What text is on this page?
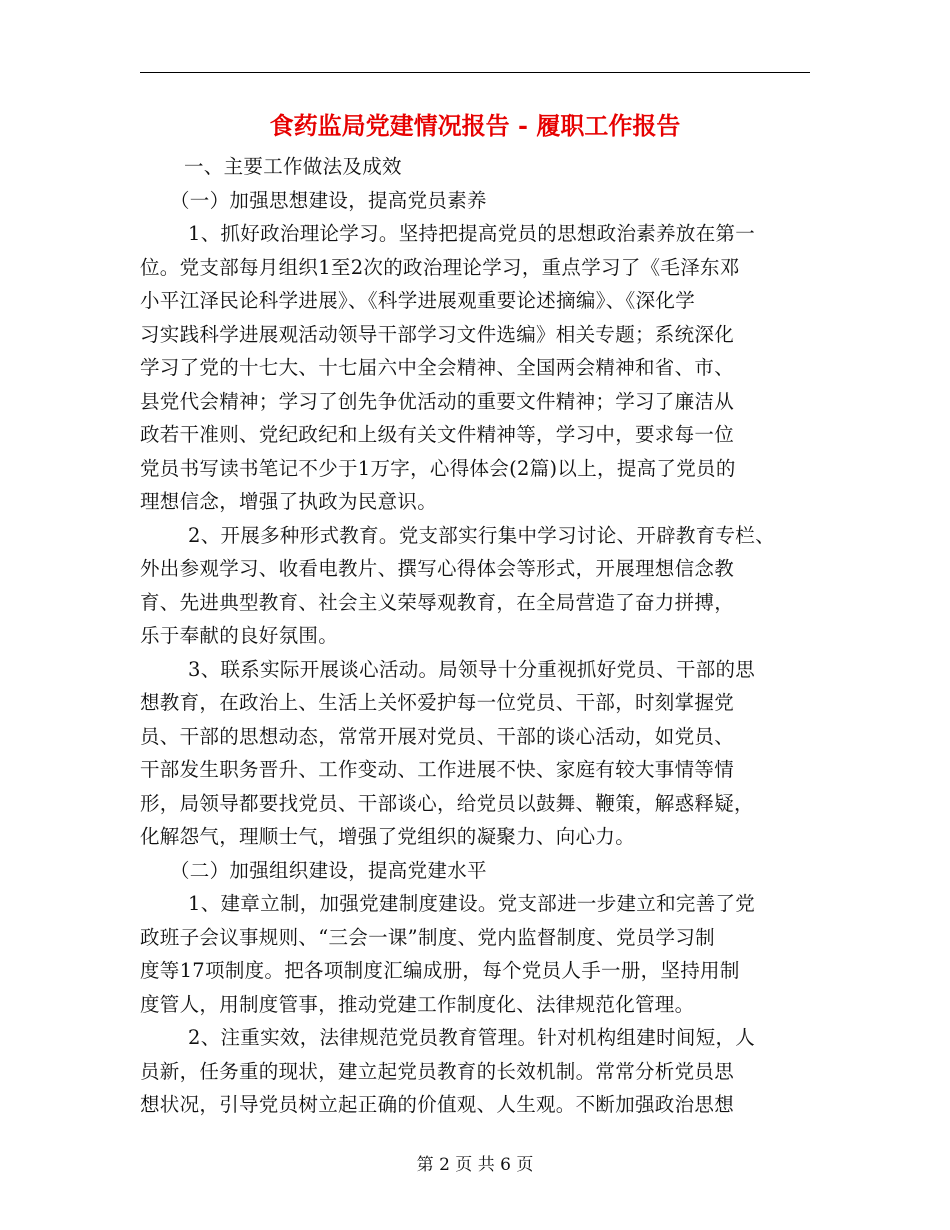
食药监局党建情况报告 - 履职工作报告
一、主要工作做法及成效
（一）加强思想建设，提高党员素养
1、抓好政治理论学习。坚持把提高党员的思想政治素养放在第一
位。党支部每月组织1至2次的政治理论学习，重点学习了《毛泽东邓
小平江泽民论科学进展》、《科学进展观重要论述摘编》、《深化学
习实践科学进展观活动领导干部学习文件选编》相关专题；系统深化
学习了党的十七大、十七届六中全会精神、全国两会精神和省、市、
县党代会精神；学习了创先争优活动的重要文件精神；学习了廉洁从
政若干准则、党纪政纪和上级有关文件精神等，学习中，要求每一位
党员书写读书笔记不少于1万字，心得体会(2篇)以上，提高了党员的
理想信念，增强了执政为民意识。
2、开展多种形式教育。党支部实行集中学习讨论、开辟教育专栏、
外出参观学习、收看电教片、撰写心得体会等形式，开展理想信念教
育、先进典型教育、社会主义荣辱观教育，在全局营造了奋力拼搏，
乐于奉献的良好氛围。
3、联系实际开展谈心活动。局领导十分重视抓好党员、干部的思
想教育，在政治上、生活上关怀爱护每一位党员、干部，时刻掌握党
员、干部的思想动态，常常开展对党员、干部的谈心活动，如党员、
干部发生职务晋升、工作变动、工作进展不快、家庭有较大事情等情
形，局领导都要找党员、干部谈心，给党员以鼓舞、鞭策，解惑释疑，
化解怨气，理顺士气，增强了党组织的凝聚力、向心力。
（二）加强组织建设，提高党建水平
1、建章立制，加强党建制度建设。党支部进一步建立和完善了党
政班子会议事规则、“三会一课”制度、党内监督制度、党员学习制
度等17项制度。把各项制度汇编成册，每个党员人手一册，坚持用制
度管人，用制度管事，推动党建工作制度化、法律规范化管理。
2、注重实效，法律规范党员教育管理。针对机构组建时间短，人
员新，任务重的现状，建立起党员教育的长效机制。常常分析党员思
想状况，引导党员树立起正确的价值观、人生观。不断加强政治思想
第 2 页 共 6 页
